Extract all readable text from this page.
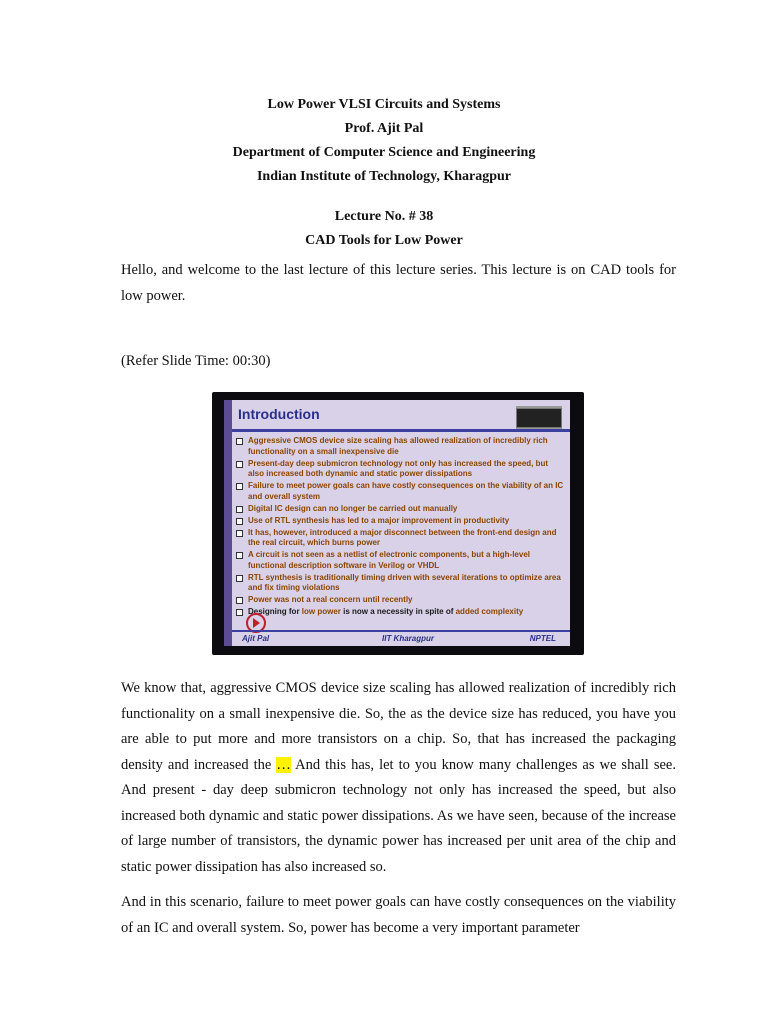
Low Power VLSI Circuits and Systems
Prof. Ajit Pal
Department of Computer Science and Engineering
Indian Institute of Technology, Kharagpur
Lecture No. # 38
CAD Tools for Low Power

Hello, and welcome to the last lecture of this lecture series. This lecture is on CAD tools for low power.

(Refer Slide Time: 00:30)
Introduction
Aggressive CMOS device size scaling has allowed realization of incredibly rich functionality on a small inexpensive die
Present-day deep submicron technology not only has increased the speed, but also increased both dynamic and static power dissipations
Failure to meet power goals can have costly consequences on the viability of an IC and overall system
Digital IC design can no longer be carried out manually
Use of RTL synthesis has led to a major improvement in productivity
It has, however, introduced a major disconnect between the front-end design and the real circuit, which burns power
A circuit is not seen as a netlist of electronic components, but a high-level functional description software in Verilog or VHDL
RTL synthesis is traditionally timing driven with several iterations to optimize area and fix timing violations
Power was not a real concern until recently
Designing for low power is now a necessity in spite of added complexity
Ajit Pal	IIT Kharagpur	NPTEL

We know that, aggressive CMOS device size scaling has allowed realization of incredibly rich functionality on a small inexpensive die. So, the as the device size has reduced, you have you are able to put more and more transistors on a chip. So, that has increased the packaging density and increased the … And this has, let to you know many challenges as we shall see. And present - day deep submicron technology not only has increased the speed, but also increased both dynamic and static power dissipations. As we have seen, because of the increase of large number of transistors, the dynamic power has increased per unit area of the chip and static power dissipation has also increased so.

And in this scenario, failure to meet power goals can have costly consequences on the viability of an IC and overall system. So, power has become a very important parameter
